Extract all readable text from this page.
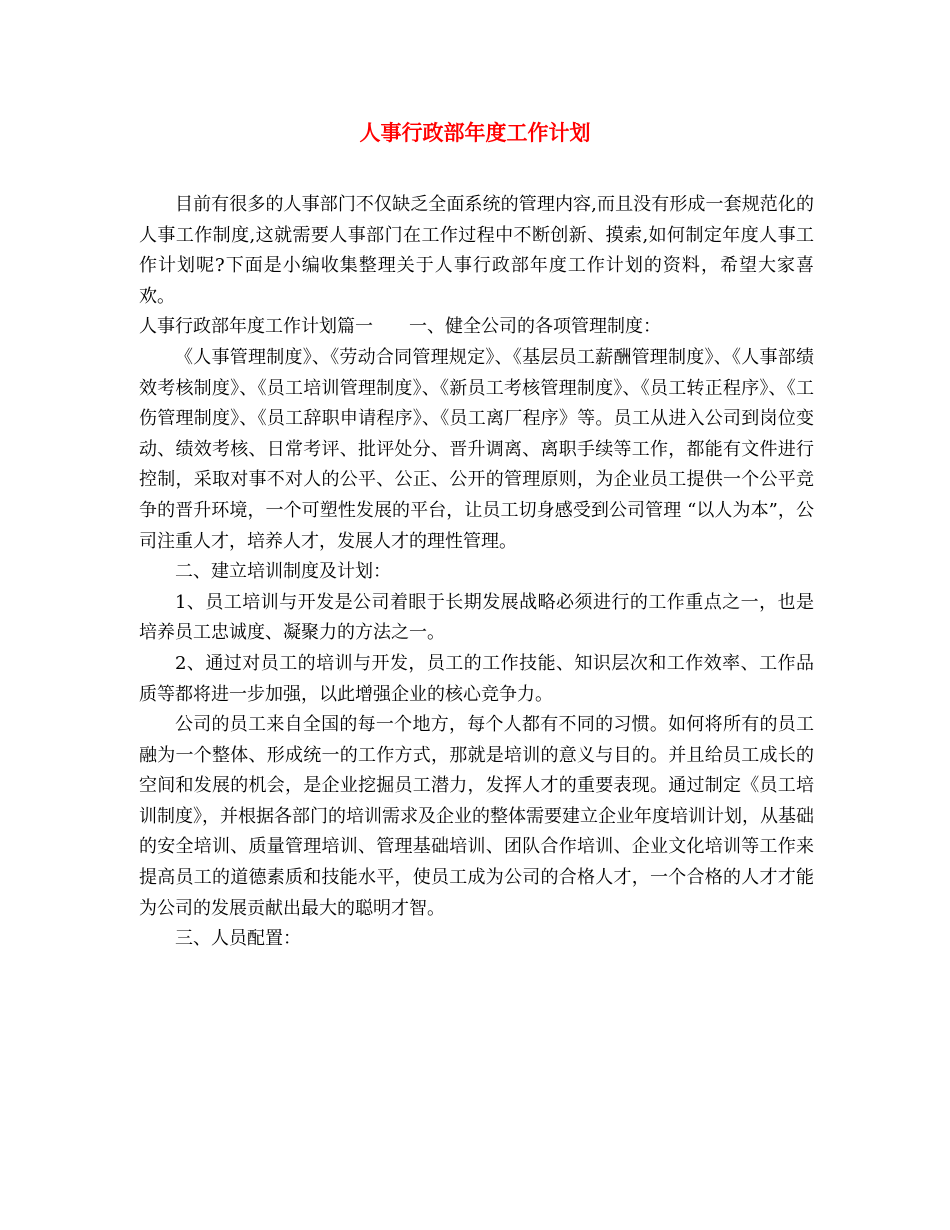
人事行政部年度工作计划

目前有很多的人事部门不仅缺乏全面系统的管理内容,而且没有形成一套规范化的人事工作制度,这就需要人事部门在工作过程中不断创新、摸索,如何制定年度人事工作计划呢?下面是小编收集整理关于人事行政部年度工作计划的资料，希望大家喜欢。

人事行政部年度工作计划篇一　　一、健全公司的各项管理制度：

《人事管理制度》、《劳动合同管理规定》、《基层员工薪酬管理制度》、《人事部绩效考核制度》、《员工培训管理制度》、《新员工考核管理制度》、《员工转正程序》、《工伤管理制度》、《员工辞职申请程序》、《员工离厂程序》等。员工从进入公司到岗位变动、绩效考核、日常考评、批评处分、晋升调离、离职手续等工作，都能有文件进行控制，采取对事不对人的公平、公正、公开的管理原则，为企业员工提供一个公平竞争的晋升环境，一个可塑性发展的平台，让员工切身感受到公司管理 “以人为本”，公司注重人才，培养人才，发展人才的理性管理。

二、建立培训制度及计划：

1、员工培训与开发是公司着眼于长期发展战略必须进行的工作重点之一，也是培养员工忠诚度、凝聚力的方法之一。

2、通过对员工的培训与开发，员工的工作技能、知识层次和工作效率、工作品质等都将进一步加强，以此增强企业的核心竞争力。

公司的员工来自全国的每一个地方，每个人都有不同的习惯。如何将所有的员工融为一个整体、形成统一的工作方式，那就是培训的意义与目的。并且给员工成长的空间和发展的机会，是企业挖掘员工潜力，发挥人才的重要表现。通过制定《员工培训制度》，并根据各部门的培训需求及企业的整体需要建立企业年度培训计划，从基础的安全培训、质量管理培训、管理基础培训、团队合作培训、企业文化培训等工作来提高员工的道德素质和技能水平，使员工成为公司的合格人才，一个合格的人才才能为公司的发展贡献出最大的聪明才智。

三、人员配置：
